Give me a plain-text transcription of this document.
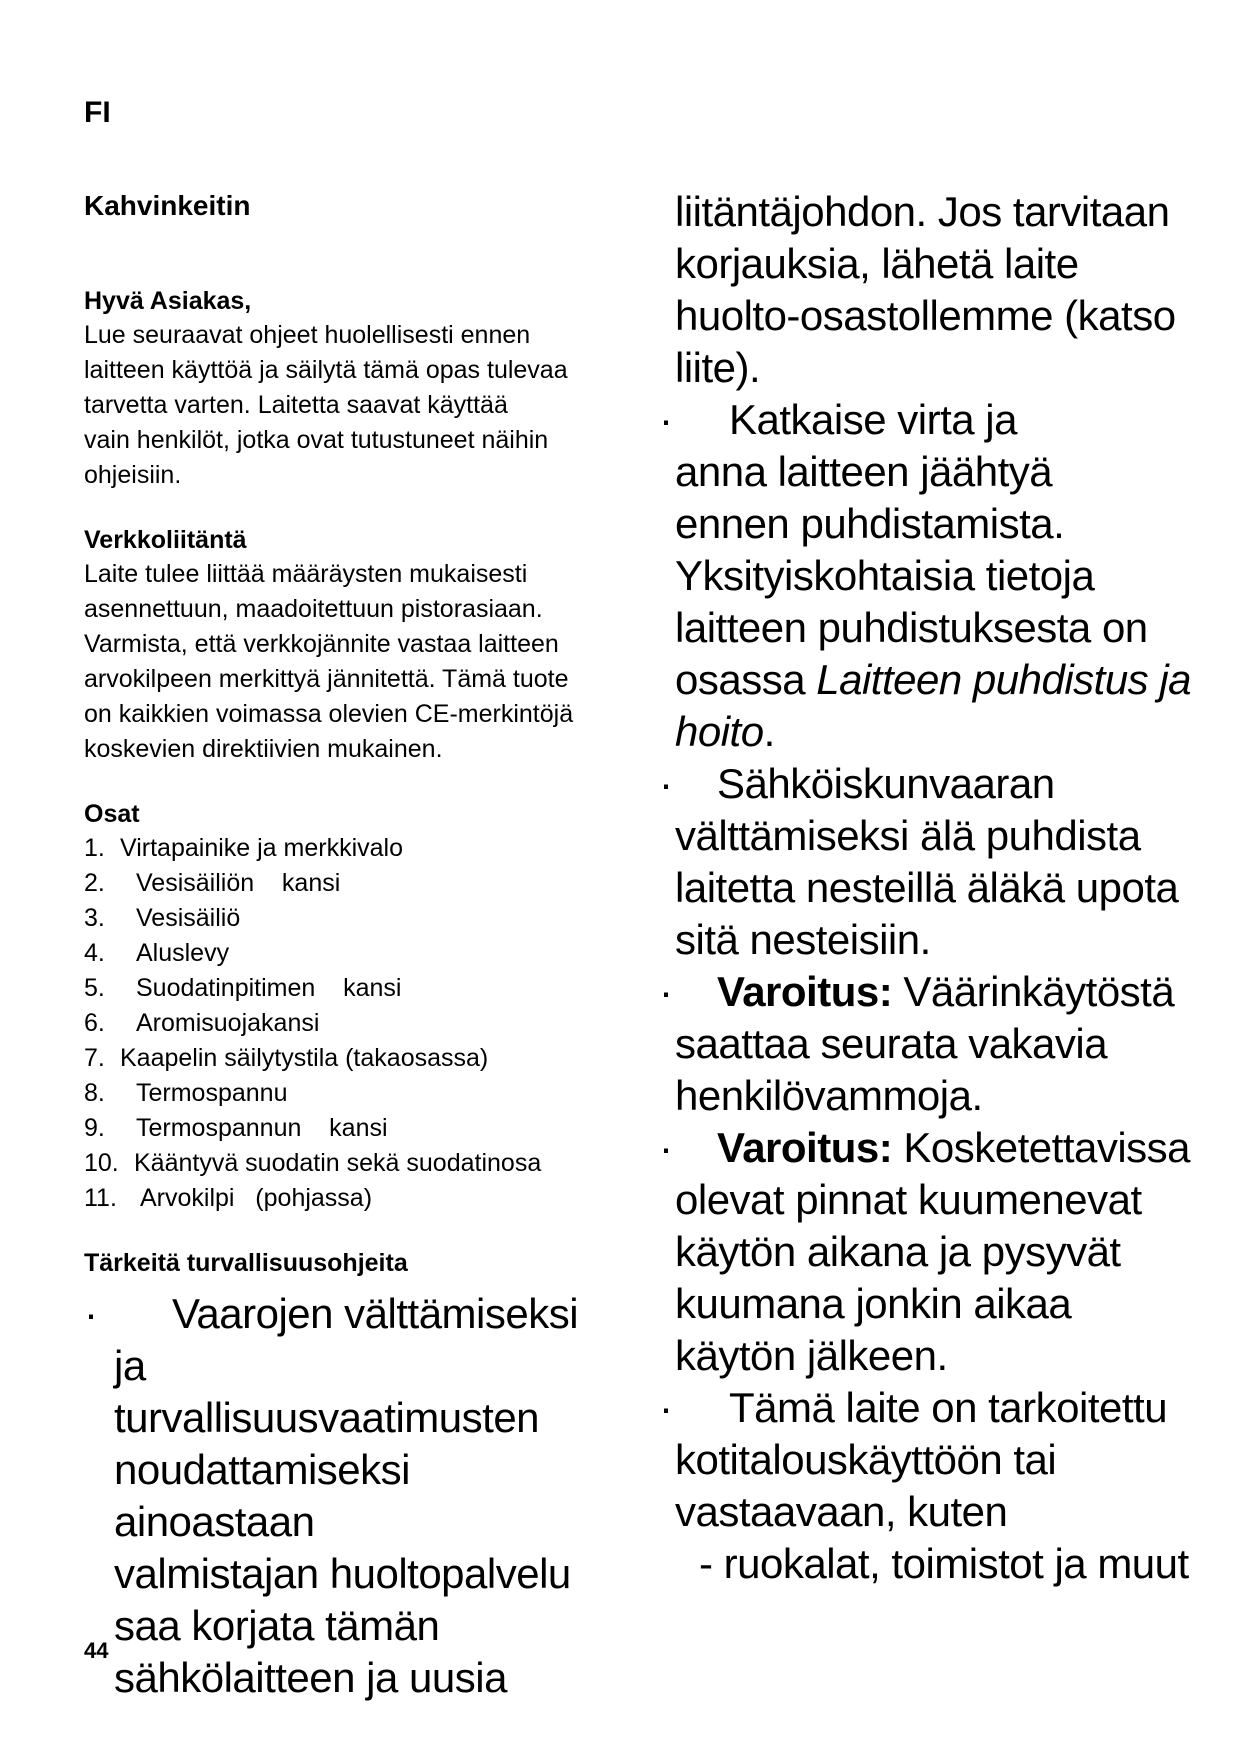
FI
Kahvinkeitin
Hyvä Asiakas,
Lue seuraavat ohjeet huolellisesti ennen
laitteen käyttöä ja säilytä tämä opas tulevaa
tarvetta varten. Laitetta saavat käyttää
vain henkilöt, jotka ovat tutustuneet näihin
ohjeisiin.
Verkkoliitäntä
Laite tulee liittää määräysten mukaisesti
asennettuun, maadoitettuun pistorasiaan.
Varmista, että verkkojännite vastaa laitteen
arvokilpeen merkittyä jännitettä. Tämä tuote
on kaikkien voimassa olevien CE-merkintöjä
koskevien direktiivien mukainen.
Osat
1. Virtapainike ja merkkivalo
2. Vesisäiliön    kansi
3. Vesisäiliö
4. Aluslevy
5. Suodatinpitimen    kansi
6. Aromisuojakansi
7. Kaapelin säilytystila (takaosassa)
8. Termospannu
9. Termospannun    kansi
10. Kääntyvä suodatin sekä suodatinosa
11. Arvokilpi   (pohjassa)
Tärkeitä turvallisuusohjeita
· Vaarojen välttämiseksi ja
turvallisuusvaatimusten
noudattamiseksi ainoastaan
valmistajan huoltopalvelu
saa korjata tämän
sähkölaitteen ja uusia
liitäntäjohdon. Jos tarvitaan
korjauksia, lähetä laite
huolto-osastollemme (katso
liite).
· Katkaise virta ja
anna laitteen jäähtyä
ennen puhdistamista.
Yksityiskohtaisia tietoja
laitteen puhdistuksesta on
osassa Laitteen puhdistus ja
hoito.
· Sähköiskunvaaran
välttämiseksi älä puhdista
laitetta nesteillä äläkä upota
sitä nesteisiin.
· Varoitus: Väärinkäytöstä
saattaa seurata vakavia
henkilövammoja.
· Varoitus: Kosketettavissa
olevat pinnat kuumenevat
käytön aikana ja pysyvät
kuumana jonkin aikaa
käytön jälkeen.
· Tämä laite on tarkoitettu
kotitalouskäyttöön tai
vastaavaan, kuten
- ruokalat, toimistot ja muut
44
